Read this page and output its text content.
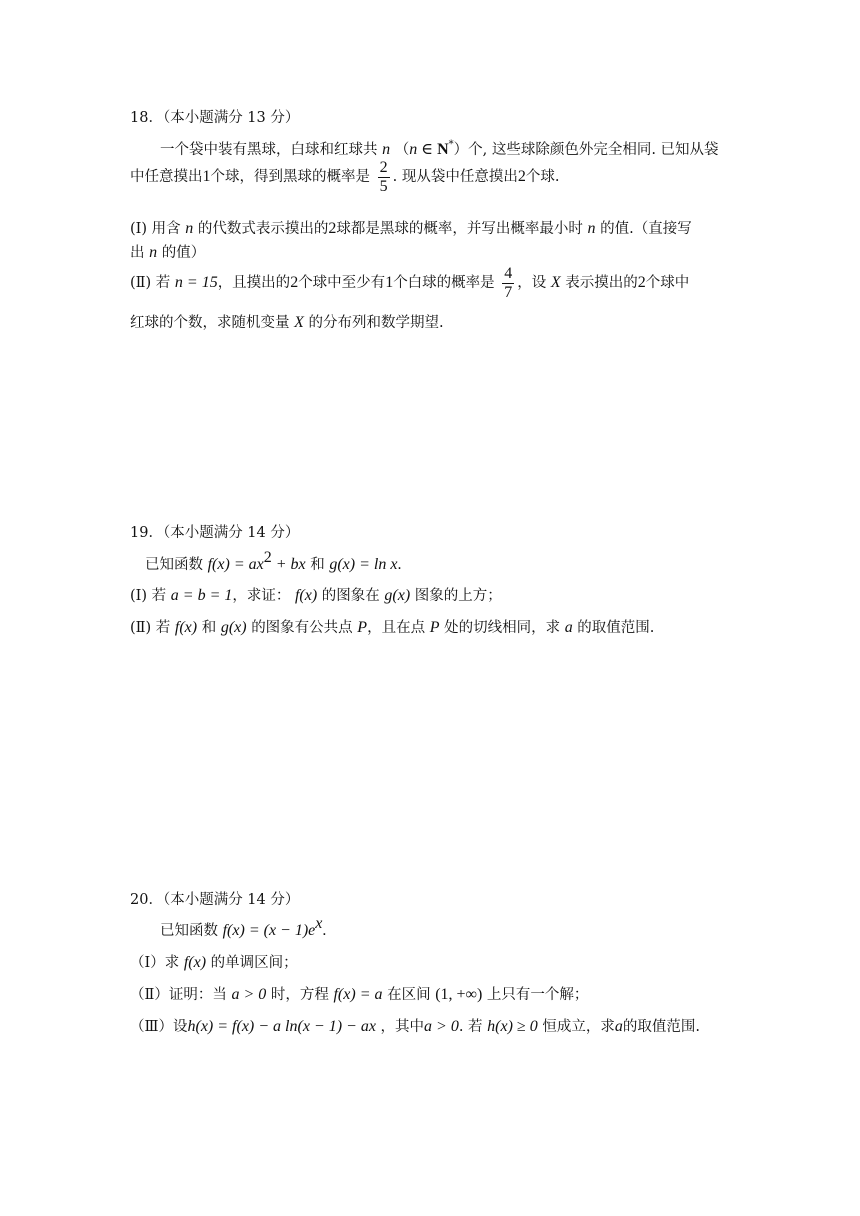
18．（本小题满分 13 分）
一个袋中装有黑球，白球和红球共 n （n ∈ N*）个, 这些球除颜色外完全相同. 已知从袋
中任意摸出1个球，得到黑球的概率是 $\frac{2}{5}$ . 现从袋中任意摸出2个球.
(Ⅰ) 用含 n 的代数式表示摸出的2球都是黑球的概率，并写出概率最小时 n 的值.（直接写
出 n 的值）
(Ⅱ) 若 n = 15，且摸出的2个球中至少有1个白球的概率是 $\frac{4}{7}$ ，设 X 表示摸出的2个球中
红球的个数，求随机变量 X 的分布列和数学期望.
19．（本小题满分 14 分）
已知函数 $f(x) = ax^2$ + bx 和 g(x) = ln x.
(Ⅰ) 若 a = b = 1，求证： f(x) 的图象在 g(x) 图象的上方；
(Ⅱ) 若 f(x) 和 g(x) 的图象有公共点 P，且在点 P 处的切线相同，求 a 的取值范围.
20．（本小题满分 14 分）
已知函数 $f(x) = (x - 1)e^x$.
（Ⅰ）求 f(x) 的单调区间；
（Ⅱ）证明：当 a > 0 时，方程 f(x) = a 在区间 (1, +∞) 上只有一个解；
（Ⅲ）设h(x) = f(x) − a ln(x − 1) − ax ，其中a > 0. 若 h(x) ≥ 0 恒成立，求a的取值范围.
